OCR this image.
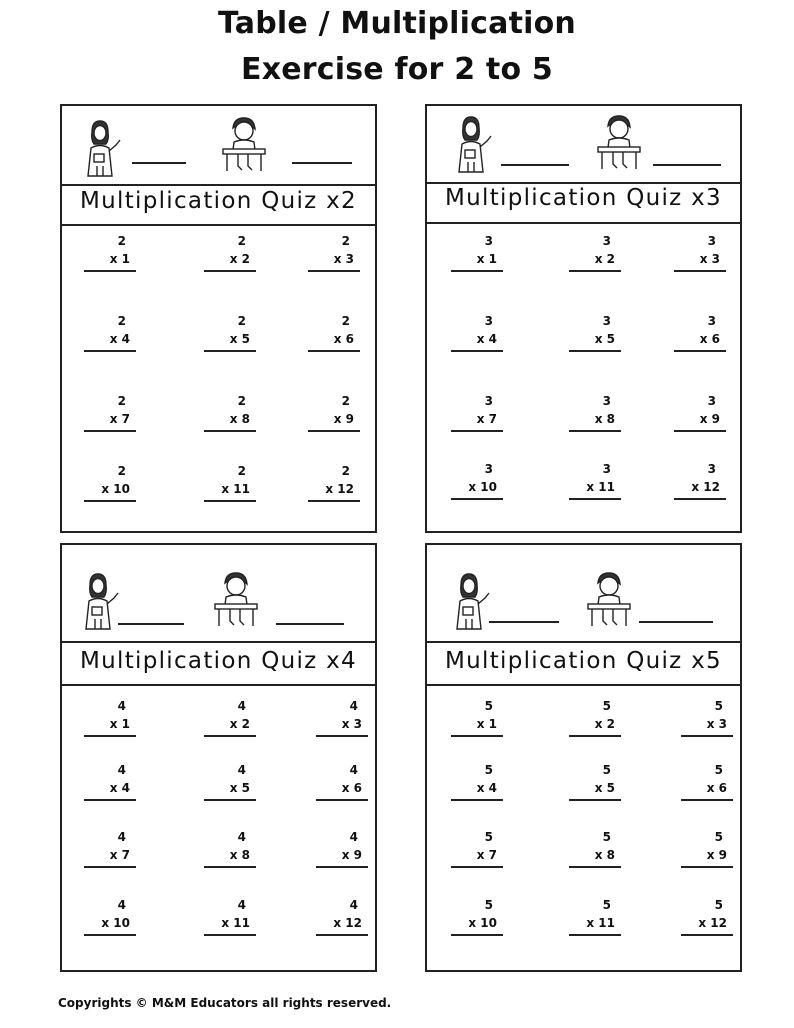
Table / Multiplication
Exercise for 2 to 5
Multiplication Quiz x2
2
x 1
2
x 2
2
x 3
2
x 4
2
x 5
2
x 6
2
x 7
2
x 8
2
x 9
2
x 10
2
x 11
2
x 12
Multiplication Quiz x3
3
x 1
3
x 2
3
x 3
3
x 4
3
x 5
3
x 6
3
x 7
3
x 8
3
x 9
3
x 10
3
x 11
3
x 12
Multiplication Quiz x4
4
x 1
4
x 2
4
x 3
4
x 4
4
x 5
4
x 6
4
x 7
4
x 8
4
x 9
4
x 10
4
x 11
4
x 12
Multiplication Quiz x5
5
x 1
5
x 2
5
x 3
5
x 4
5
x 5
5
x 6
5
x 7
5
x 8
5
x 9
5
x 10
5
x 11
5
x 12
Copyrights © M&M Educators all rights reserved.
